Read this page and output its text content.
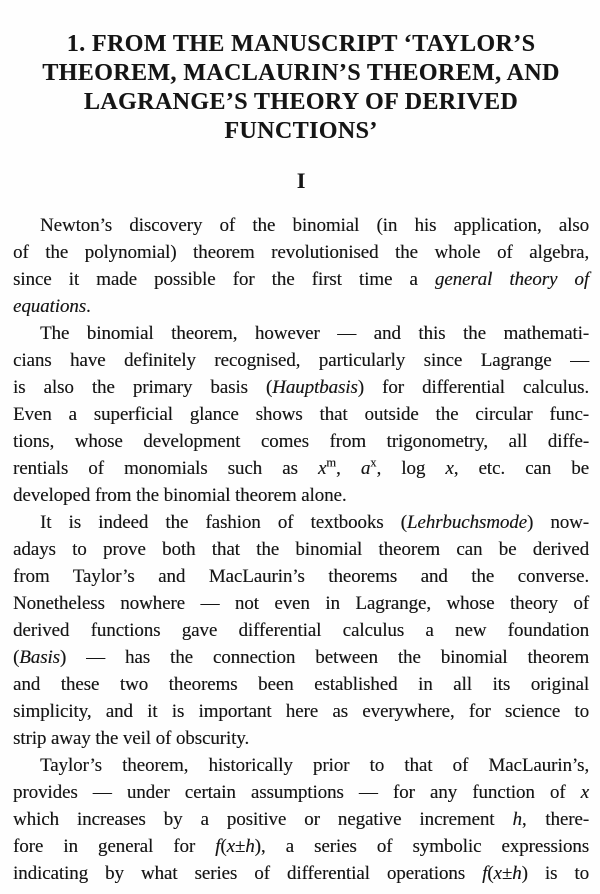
1. FROM THE MANUSCRIPT ‘TAYLOR’S
THEOREM, MACLAURIN’S THEOREM, AND
LAGRANGE’S THEORY OF DERIVED
FUNCTIONS’
I
Newton’s discovery of the binomial (in his application, also
of the polynomial) theorem revolutionised the whole of algebra,
since it made possible for the first time a general theory of
equations.
The binomial theorem, however — and this the mathemati-
cians have definitely recognised, particularly since Lagrange —
is also the primary basis (Hauptbasis) for differential calculus.
Even a superficial glance shows that outside the circular func-
tions, whose development comes from trigonometry, all diffe-
rentials of monomials such as $x^m$, $a^x$, log x, etc. can be
developed from the binomial theorem alone.
It is indeed the fashion of textbooks (Lehrbuchsmode) now-
adays to prove both that the binomial theorem can be derived
from Taylor’s and MacLaurin’s theorems and the converse.
Nonetheless nowhere — not even in Lagrange, whose theory of
derived functions gave differential calculus a new foundation
(Basis) — has the connection between the binomial theorem
and these two theorems been established in all its original
simplicity, and it is important here as everywhere, for science to
strip away the veil of obscurity.
Taylor’s theorem, historically prior to that of MacLaurin’s,
provides — under certain assumptions — for any function of x
which increases by a positive or negative increment h,  there-
fore in general for f(x±h), a series of symbolic expressions
indicating by what series of differential operations f(x±h) is to
